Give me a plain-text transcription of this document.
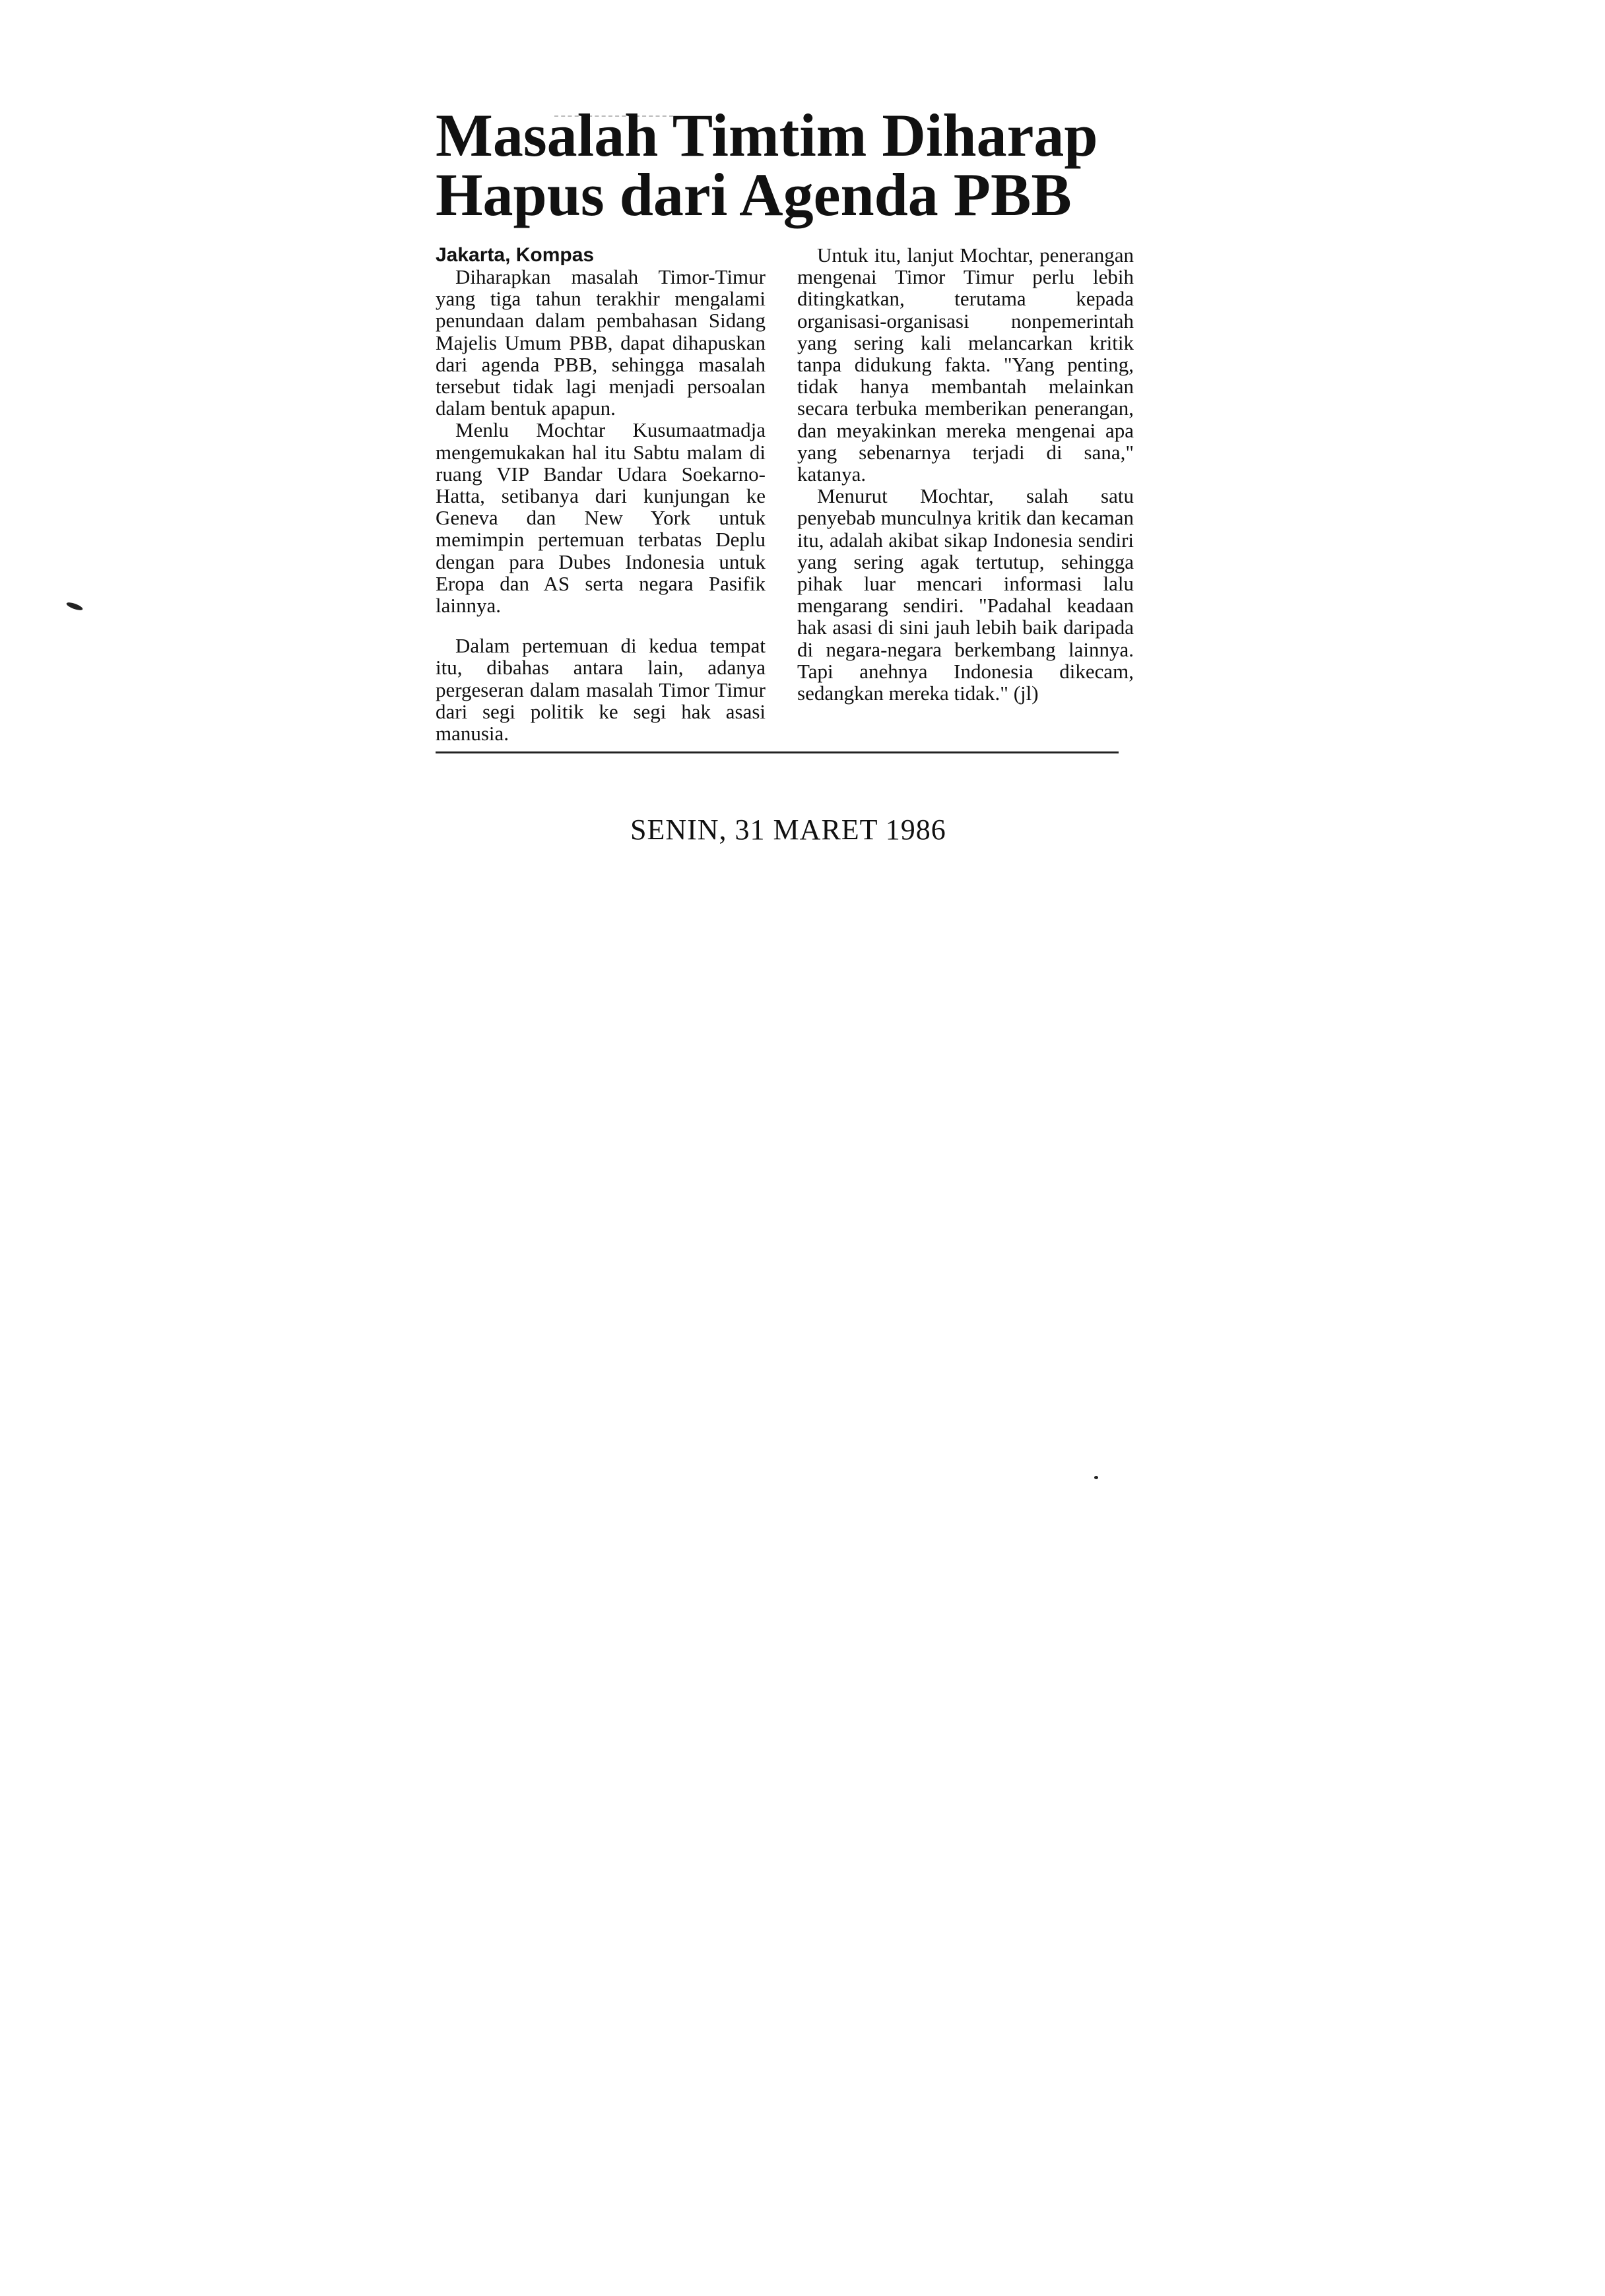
Masalah Timtim Diharap
Hapus dari Agenda PBB
Jakarta, Kompas

Diharapkan masalah Timor-Timur yang tiga tahun terakhir mengalami penundaan dalam pembahasan Sidang Majelis Umum PBB, dapat dihapuskan dari agenda PBB, sehingga masalah tersebut tidak lagi menjadi persoalan dalam bentuk apapun.

Menlu Mochtar Kusumaatmadja mengemukakan hal itu Sabtu malam di ruang VIP Bandar Udara Soekarno-Hatta, setibanya dari kunjungan ke Geneva dan New York untuk memimpin pertemuan terbatas Deplu dengan para Dubes Indonesia untuk Eropa dan AS serta negara Pasifik lainnya.

Dalam pertemuan di kedua tempat itu, dibahas antara lain, adanya pergeseran dalam masalah Timor Timur dari segi politik ke segi hak asasi manusia.

Untuk itu, lanjut Mochtar, penerangan mengenai Timor Timur perlu lebih ditingkatkan, terutama kepada organisasi-organisasi nonpemerintah yang sering kali melancarkan kritik tanpa didukung fakta. "Yang penting, tidak hanya membantah melainkan secara terbuka memberikan penerangan, dan meyakinkan mereka mengenai apa yang sebenarnya terjadi di sana," katanya.

Menurut Mochtar, salah satu penyebab munculnya kritik dan kecaman itu, adalah akibat sikap Indonesia sendiri yang sering agak tertutup, sehingga pihak luar mencari informasi lalu mengarang sendiri. "Padahal keadaan hak asasi di sini jauh lebih baik daripada di negara-negara berkembang lainnya. Tapi anehnya Indonesia dikecam, sedangkan mereka tidak." (jl)

SENIN, 31 MARET 1986
